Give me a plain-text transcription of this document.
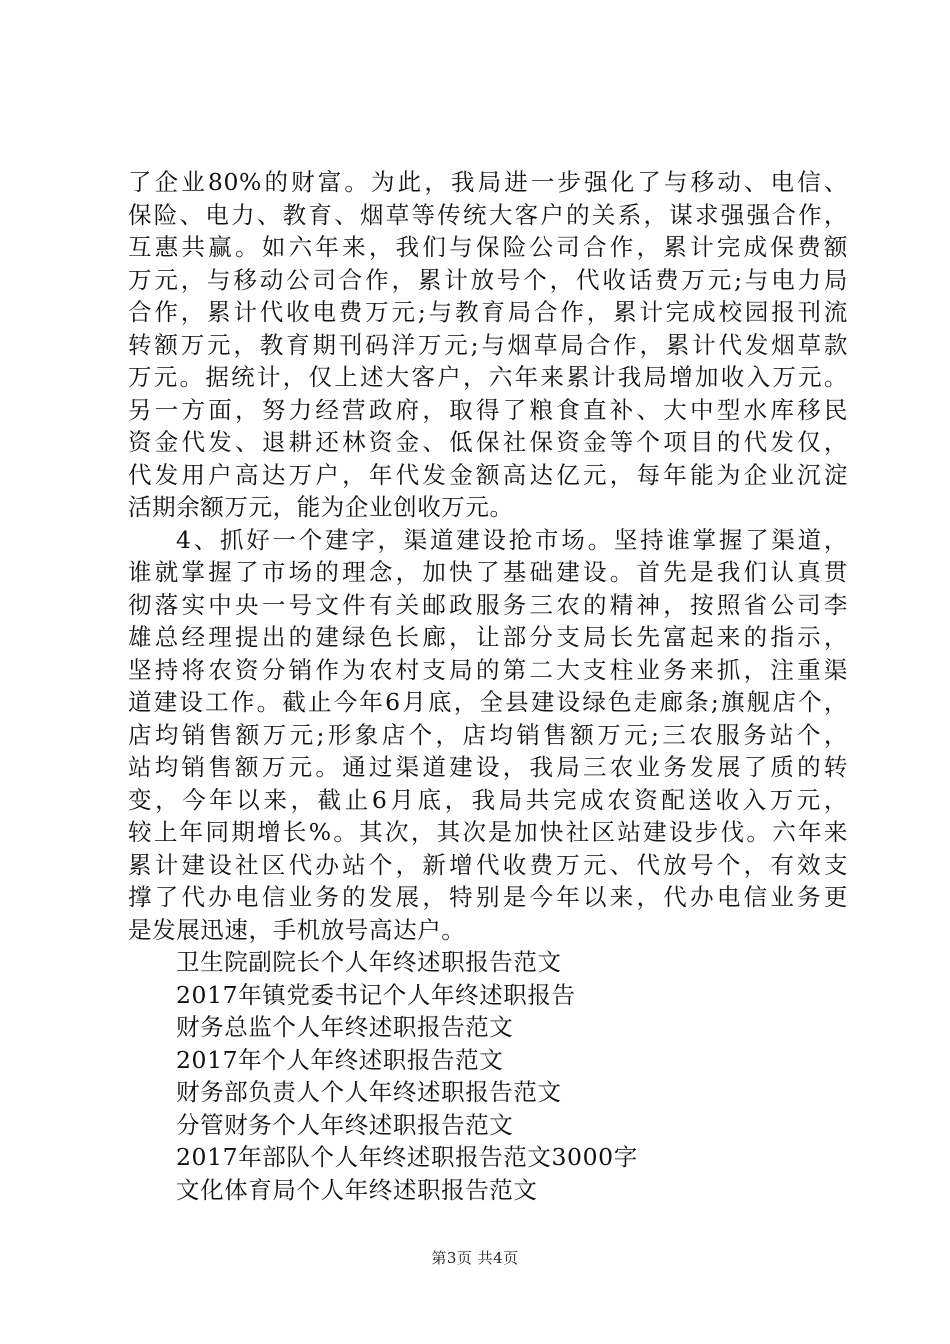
了企业80%的财富。为此，我局进一步强化了与移动、电信、
保险、电力、教育、烟草等传统大客户的关系，谋求强强合作，
互惠共赢。如六年来，我们与保险公司合作，累计完成保费额
万元，与移动公司合作，累计放号个，代收话费万元;与电力局
合作，累计代收电费万元;与教育局合作，累计完成校园报刊流
转额万元，教育期刊码洋万元;与烟草局合作，累计代发烟草款
万元。据统计，仅上述大客户，六年来累计我局增加收入万元。
另一方面，努力经营政府，取得了粮食直补、大中型水库移民
资金代发、退耕还林资金、低保社保资金等个项目的代发仅，
代发用户高达万户，年代发金额高达亿元，每年能为企业沉淀
活期余额万元，能为企业创收万元。
4、抓好一个建字，渠道建设抢市场。坚持谁掌握了渠道，
谁就掌握了市场的理念，加快了基础建设。首先是我们认真贯
彻落实中央一号文件有关邮政服务三农的精神，按照省公司李
雄总经理提出的建绿色长廊，让部分支局长先富起来的指示，
坚持将农资分销作为农村支局的第二大支柱业务来抓，注重渠
道建设工作。截止今年6月底，全县建设绿色走廊条;旗舰店个，
店均销售额万元;形象店个，店均销售额万元;三农服务站个，
站均销售额万元。通过渠道建设，我局三农业务发展了质的转
变，今年以来，截止6月底，我局共完成农资配送收入万元，
较上年同期增长%。其次，其次是加快社区站建设步伐。六年来
累计建设社区代办站个，新增代收费万元、代放号个，有效支
撑了代办电信业务的发展，特别是今年以来，代办电信业务更
是发展迅速，手机放号高达户。
卫生院副院长个人年终述职报告范文
2017年镇党委书记个人年终述职报告
财务总监个人年终述职报告范文
2017年个人年终述职报告范文
财务部负责人个人年终述职报告范文
分管财务个人年终述职报告范文
2017年部队个人年终述职报告范文3000字
文化体育局个人年终述职报告范文
第3页 共4页
